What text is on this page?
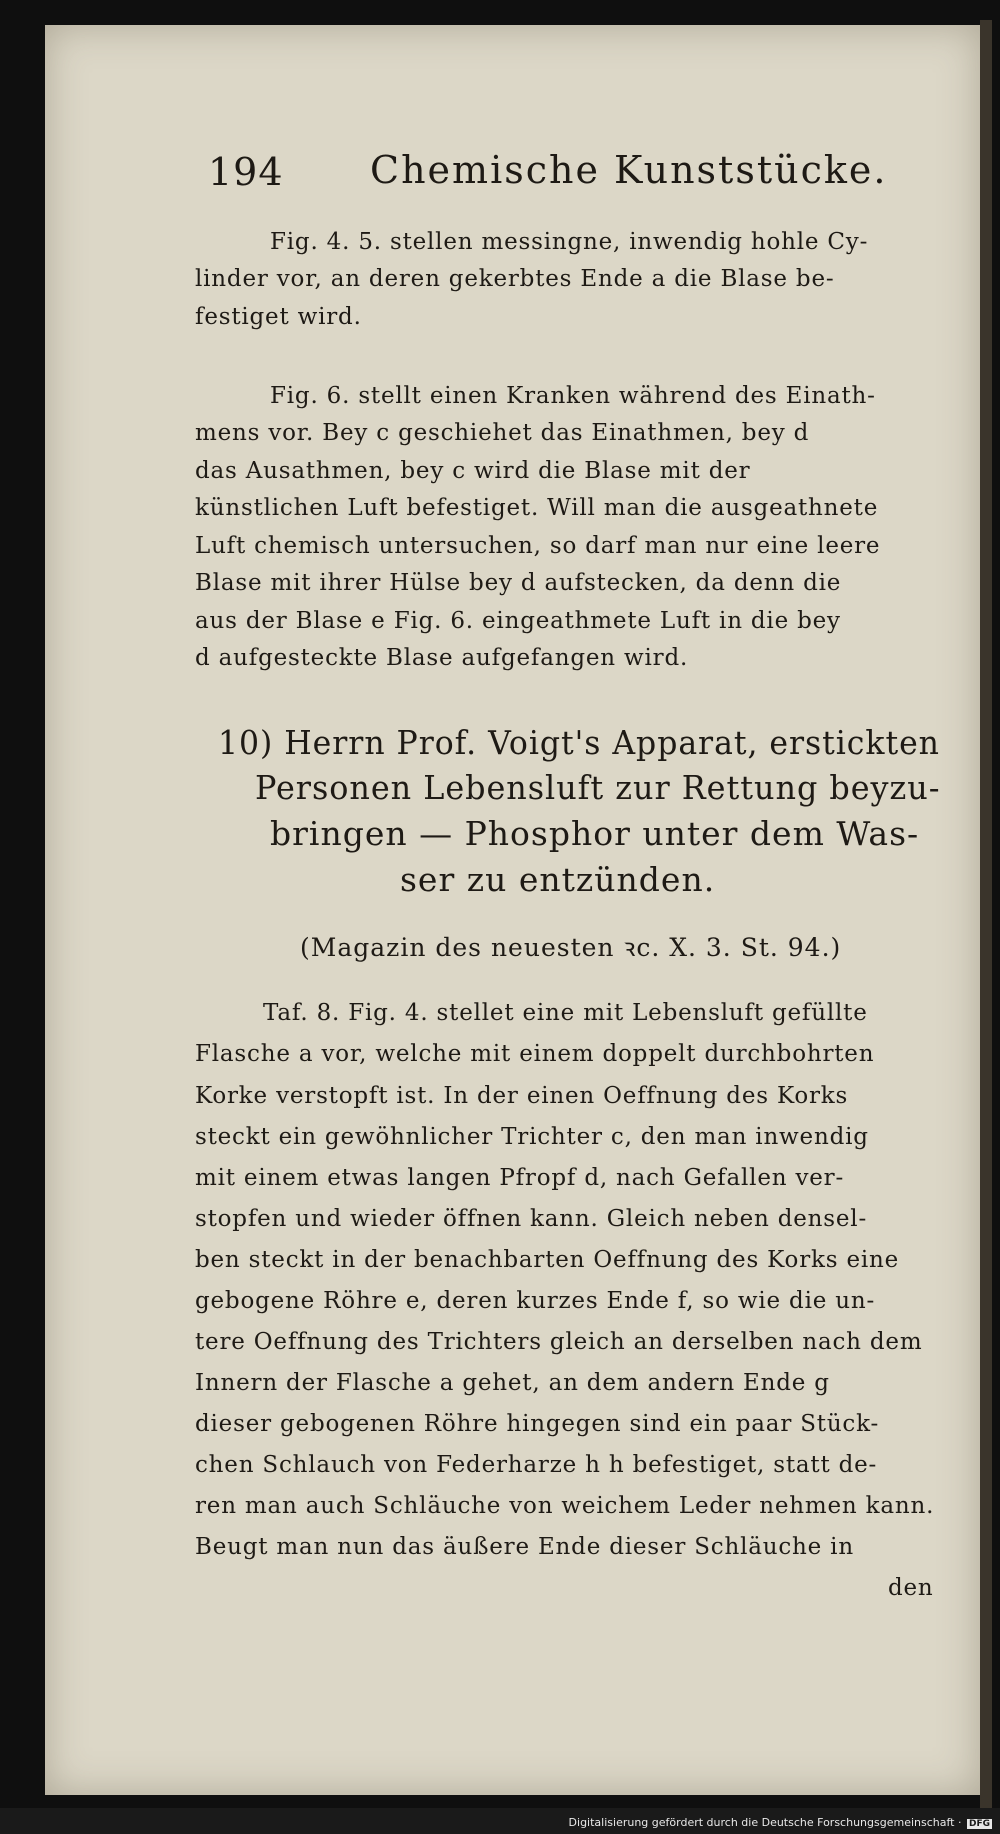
194 Chemische Kunststücke.
Fig. 4. 5. stellen messingne, inwendig hohle Cy-
linder vor, an deren gekerbtes Ende a die Blase be-
festiget wird.
Fig. 6. stellt einen Kranken während des Einath-
mens vor. Bey c geschiehet das Einathmen, bey d
das Ausathmen, bey c wird die Blase mit der
künstlichen Luft befestiget. Will man die ausgeathnete
Luft chemisch untersuchen, so darf man nur eine leere
Blase mit ihrer Hülse bey d aufstecken, da denn die
aus der Blase e Fig. 6. eingeathmete Luft in die bey
d aufgesteckte Blase aufgefangen wird.
10) Herrn Prof. Voigt's Apparat, erstickten
Personen Lebensluft zur Rettung beyzu-
bringen — Phosphor unter dem Was-
ser zu entzünden.
(Magazin des neuesten ꝛc. X. 3. St. 94.)
Taf. 8. Fig. 4. stellet eine mit Lebensluft gefüllte
Flasche a vor, welche mit einem doppelt durchbohrten
Korke verstopft ist. In der einen Oeffnung des Korks
steckt ein gewöhnlicher Trichter c, den man inwendig
mit einem etwas langen Pfropf d, nach Gefallen ver-
stopfen und wieder öffnen kann. Gleich neben densel-
ben steckt in der benachbarten Oeffnung des Korks eine
gebogene Röhre e, deren kurzes Ende f, so wie die un-
tere Oeffnung des Trichters gleich an derselben nach dem
Innern der Flasche a gehet, an dem andern Ende g
dieser gebogenen Röhre hingegen sind ein paar Stück-
chen Schlauch von Federharze h h befestiget, statt de-
ren man auch Schläuche von weichem Leder nehmen kann.
Beugt man nun das äußere Ende dieser Schläuche in
den
Digitalisierung gefördert durch die Deutsche Forschungsgemeinschaft · DFG
